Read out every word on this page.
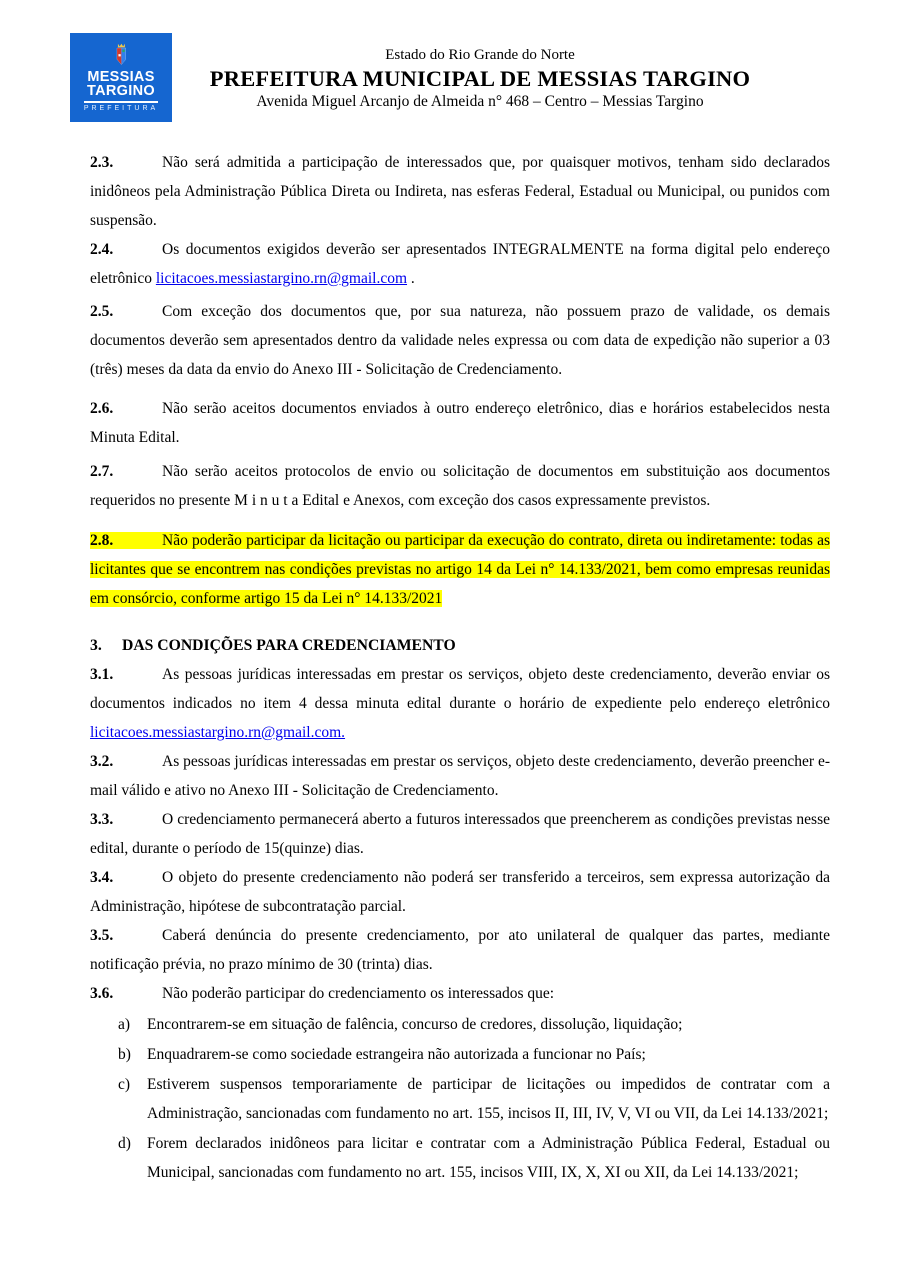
MESSIAS
TARGINO
PREFEITURA
Estado do Rio Grande do Norte
PREFEITURA MUNICIPAL DE MESSIAS TARGINO
Avenida Miguel Arcanjo de Almeida n° 468 – Centro – Messias Targino

2.3.	Não será admitida a participação de interessados que, por quaisquer motivos, tenham sido declarados inidôneos pela Administração Pública Direta ou Indireta, nas esferas Federal, Estadual ou Municipal, ou punidos com suspensão.

2.4.	Os documentos exigidos deverão ser apresentados INTEGRALMENTE na forma digital pelo endereço eletrônico licitacoes.messiastargino.rn@gmail.com .

2.5.	Com exceção dos documentos que, por sua natureza, não possuem prazo de validade, os demais documentos deverão sem apresentados dentro da validade neles expressa ou com data de expedição não superior a 03 (três) meses da data da envio do Anexo III - Solicitação de Credenciamento.

2.6.	Não serão aceitos documentos enviados à outro endereço eletrônico, dias e horários estabelecidos nesta Minuta Edital.

2.7.	Não serão aceitos protocolos de envio ou solicitação de documentos em substituição aos documentos requeridos no presente M i n u t a Edital e Anexos, com exceção dos casos expressamente previstos.

2.8.	Não poderão participar da licitação ou participar da execução do contrato, direta ou indiretamente: todas as licitantes que se encontrem nas condições previstas no artigo 14 da Lei n° 14.133/2021, bem como empresas reunidas em consórcio, conforme artigo 15 da Lei n° 14.133/2021

3. DAS CONDIÇÕES PARA CREDENCIAMENTO

3.1.	As pessoas jurídicas interessadas em prestar os serviços, objeto deste credenciamento, deverão enviar os documentos indicados no item 4 dessa minuta edital durante o horário de expediente pelo endereço eletrônico licitacoes.messiastargino.rn@gmail.com.

3.2.	As pessoas jurídicas interessadas em prestar os serviços, objeto deste credenciamento, deverão preencher e-mail válido e ativo no Anexo III - Solicitação de Credenciamento.

3.3.	O credenciamento permanecerá aberto a futuros interessados que preencherem as condições previstas nesse edital, durante o período de 15(quinze) dias.

3.4.	O objeto do presente credenciamento não poderá ser transferido a terceiros, sem expressa autorização da Administração, hipótese de subcontratação parcial.

3.5.	Caberá denúncia do presente credenciamento, por ato unilateral de qualquer das partes, mediante notificação prévia, no prazo mínimo de 30 (trinta) dias.

3.6.	Não poderão participar do credenciamento os interessados que:

a) Encontrarem-se em situação de falência, concurso de credores, dissolução, liquidação;
b) Enquadrarem-se como sociedade estrangeira não autorizada a funcionar no País;
c) Estiverem suspensos temporariamente de participar de licitações ou impedidos de contratar com a Administração, sancionadas com fundamento no art. 155, incisos II, III, IV, V, VI ou VII, da Lei 14.133/2021;
d) Forem declarados inidôneos para licitar e contratar com a Administração Pública Federal, Estadual ou Municipal, sancionadas com fundamento no art. 155, incisos VIII, IX, X, XI ou XII, da Lei 14.133/2021;
